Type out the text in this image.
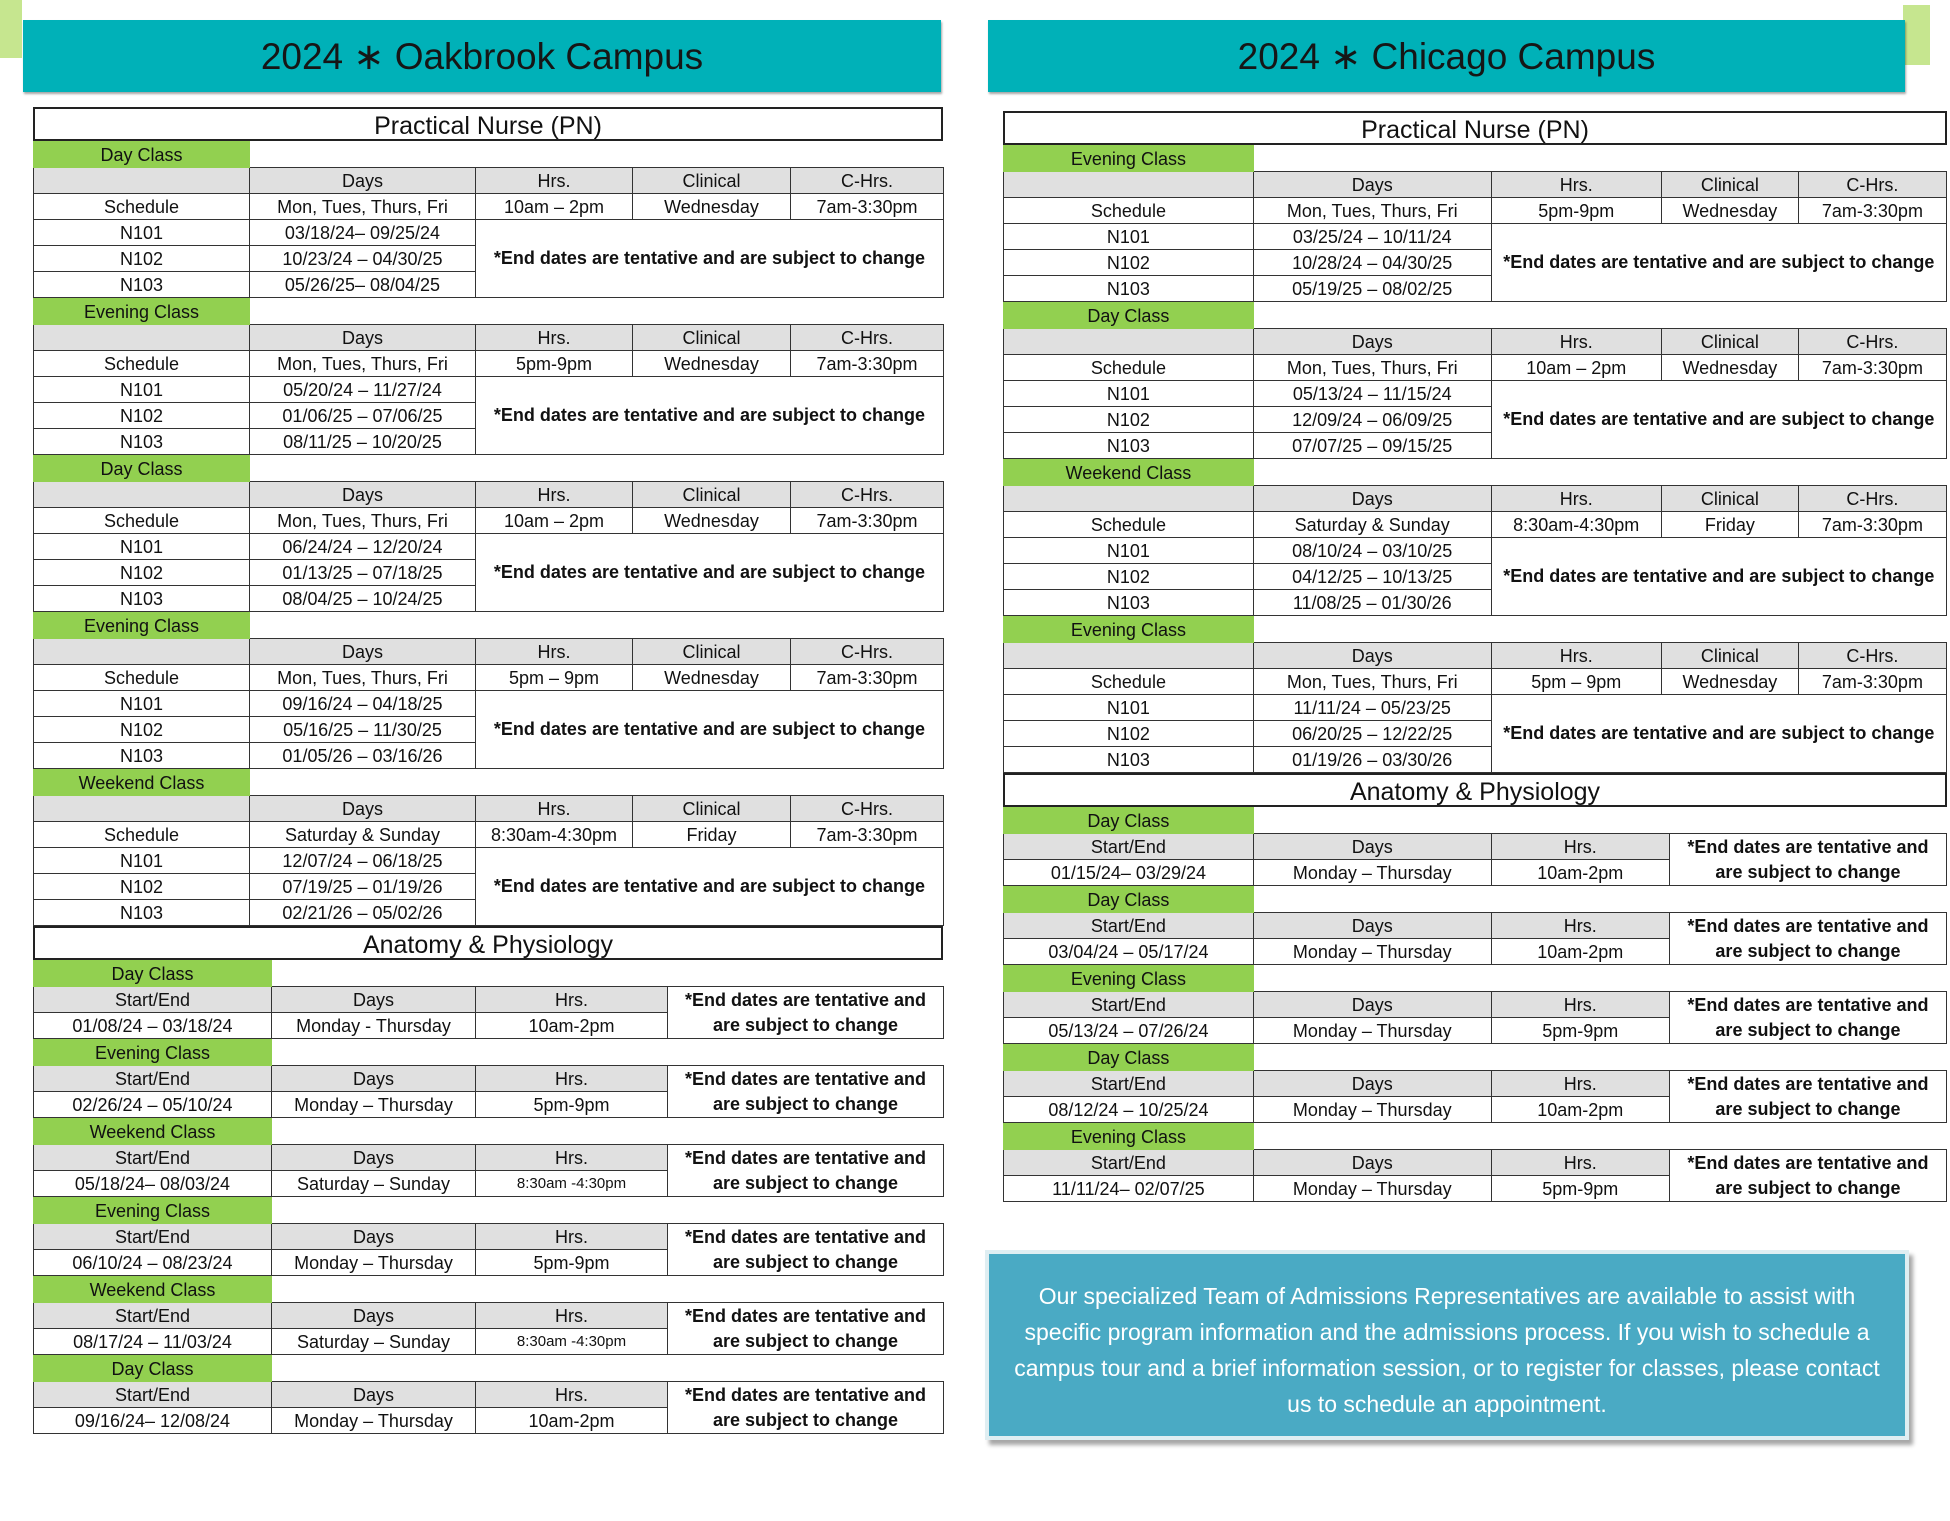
2024 ∗ Oakbrook Campus	2024 ∗ Chicago Campus
Practical Nurse (PN)
Day Class				
	Days	Hrs.	Clinical	C-Hrs.
Schedule	Mon, Tues, Thurs, Fri	10am – 2pm	Wednesday	7am-3:30pm
N101	03/18/24– 09/25/24	*End dates are tentative and are subject to change		
N102	10/23/24 – 04/30/25			
N103	05/26/25– 08/04/25			
Evening Class				
	Days	Hrs.	Clinical	C-Hrs.
Schedule	Mon, Tues, Thurs, Fri	5pm-9pm	Wednesday	7am-3:30pm
N101	05/20/24 – 11/27/24	*End dates are tentative and are subject to change		
N102	01/06/25 – 07/06/25			
N103	08/11/25 – 10/20/25			
Day Class				
	Days	Hrs.	Clinical	C-Hrs.
Schedule	Mon, Tues, Thurs, Fri	10am – 2pm	Wednesday	7am-3:30pm
N101	06/24/24 – 12/20/24	*End dates are tentative and are subject to change		
N102	01/13/25 – 07/18/25			
N103	08/04/25 – 10/24/25			
Evening Class				
	Days	Hrs.	Clinical	C-Hrs.
Schedule	Mon, Tues, Thurs, Fri	5pm – 9pm	Wednesday	7am-3:30pm
N101	09/16/24 – 04/18/25	*End dates are tentative and are subject to change		
N102	05/16/25 – 11/30/25			
N103	01/05/26 – 03/16/26			
Weekend Class				
	Days	Hrs.	Clinical	C-Hrs.
Schedule	Saturday & Sunday	8:30am-4:30pm	Friday	7am-3:30pm
N101	12/07/24 – 06/18/25	*End dates are tentative and are subject to change		
N102	07/19/25 – 01/19/26			
N103	02/21/26 – 05/02/26			
Anatomy & Physiology
Day Class			
Start/End	Days	Hrs.	*End dates are tentative and
are subject to change

01/08/24 – 03/18/24	Monday - Thursday	10am-2pm	
Evening Class			
Start/End	Days	Hrs.	*End dates are tentative and
are subject to change

02/26/24 – 05/10/24	Monday – Thursday	5pm-9pm	
Weekend Class			
Start/End	Days	Hrs.	*End dates are tentative and
are subject to change

05/18/24– 08/03/24	Saturday – Sunday	8:30am -4:30pm	
Evening Class			
Start/End	Days	Hrs.	*End dates are tentative and
are subject to change

06/10/24 – 08/23/24	Monday – Thursday	5pm-9pm	
Weekend Class			
Start/End	Days	Hrs.	*End dates are tentative and
are subject to change

08/17/24 – 11/03/24	Saturday – Sunday	8:30am -4:30pm	
Day Class			
Start/End	Days	Hrs.	*End dates are tentative and
are subject to change

09/16/24– 12/08/24	Monday – Thursday	10am-2pm	
Practical Nurse (PN)
Evening Class				
	Days	Hrs.	Clinical	C-Hrs.
Schedule	Mon, Tues, Thurs, Fri	5pm-9pm	Wednesday	7am-3:30pm
N101	03/25/24 – 10/11/24	*End dates are tentative and are subject to change		
N102	10/28/24 – 04/30/25			
N103	05/19/25 – 08/02/25			
Day Class				
	Days	Hrs.	Clinical	C-Hrs.
Schedule	Mon, Tues, Thurs, Fri	10am – 2pm	Wednesday	7am-3:30pm
N101	05/13/24 – 11/15/24	*End dates are tentative and are subject to change		
N102	12/09/24 – 06/09/25			
N103	07/07/25 – 09/15/25			
Weekend Class				
	Days	Hrs.	Clinical	C-Hrs.
Schedule	Saturday & Sunday	8:30am-4:30pm	Friday	7am-3:30pm
N101	08/10/24 – 03/10/25	*End dates are tentative and are subject to change		
N102	04/12/25 – 10/13/25			
N103	11/08/25 – 01/30/26			
Evening Class				
	Days	Hrs.	Clinical	C-Hrs.
Schedule	Mon, Tues, Thurs, Fri	5pm – 9pm	Wednesday	7am-3:30pm
N101	11/11/24 – 05/23/25	*End dates are tentative and are subject to change		
N102	06/20/25 – 12/22/25			
N103	01/19/26 – 03/30/26			
Anatomy & Physiology
Day Class			
Start/End	Days	Hrs.	*End dates are tentative and
are subject to change

01/15/24– 03/29/24	Monday – Thursday	10am-2pm	
Day Class			
Start/End	Days	Hrs.	*End dates are tentative and
are subject to change

03/04/24 – 05/17/24	Monday – Thursday	10am-2pm	
Evening Class			
Start/End	Days	Hrs.	*End dates are tentative and
are subject to change

05/13/24 – 07/26/24	Monday – Thursday	5pm-9pm	
Day Class			
Start/End	Days	Hrs.	*End dates are tentative and
are subject to change

08/12/24 – 10/25/24	Monday – Thursday	10am-2pm	
Evening Class			
Start/End	Days	Hrs.	*End dates are tentative and
are subject to change

11/11/24– 02/07/25	Monday – Thursday	5pm-9pm	
Our specialized Team of Admissions Representatives are available to assist with specific program information and the admissions process. If you wish to schedule a campus tour and a brief information session, or to register for classes, please contact us to schedule an appointment.
